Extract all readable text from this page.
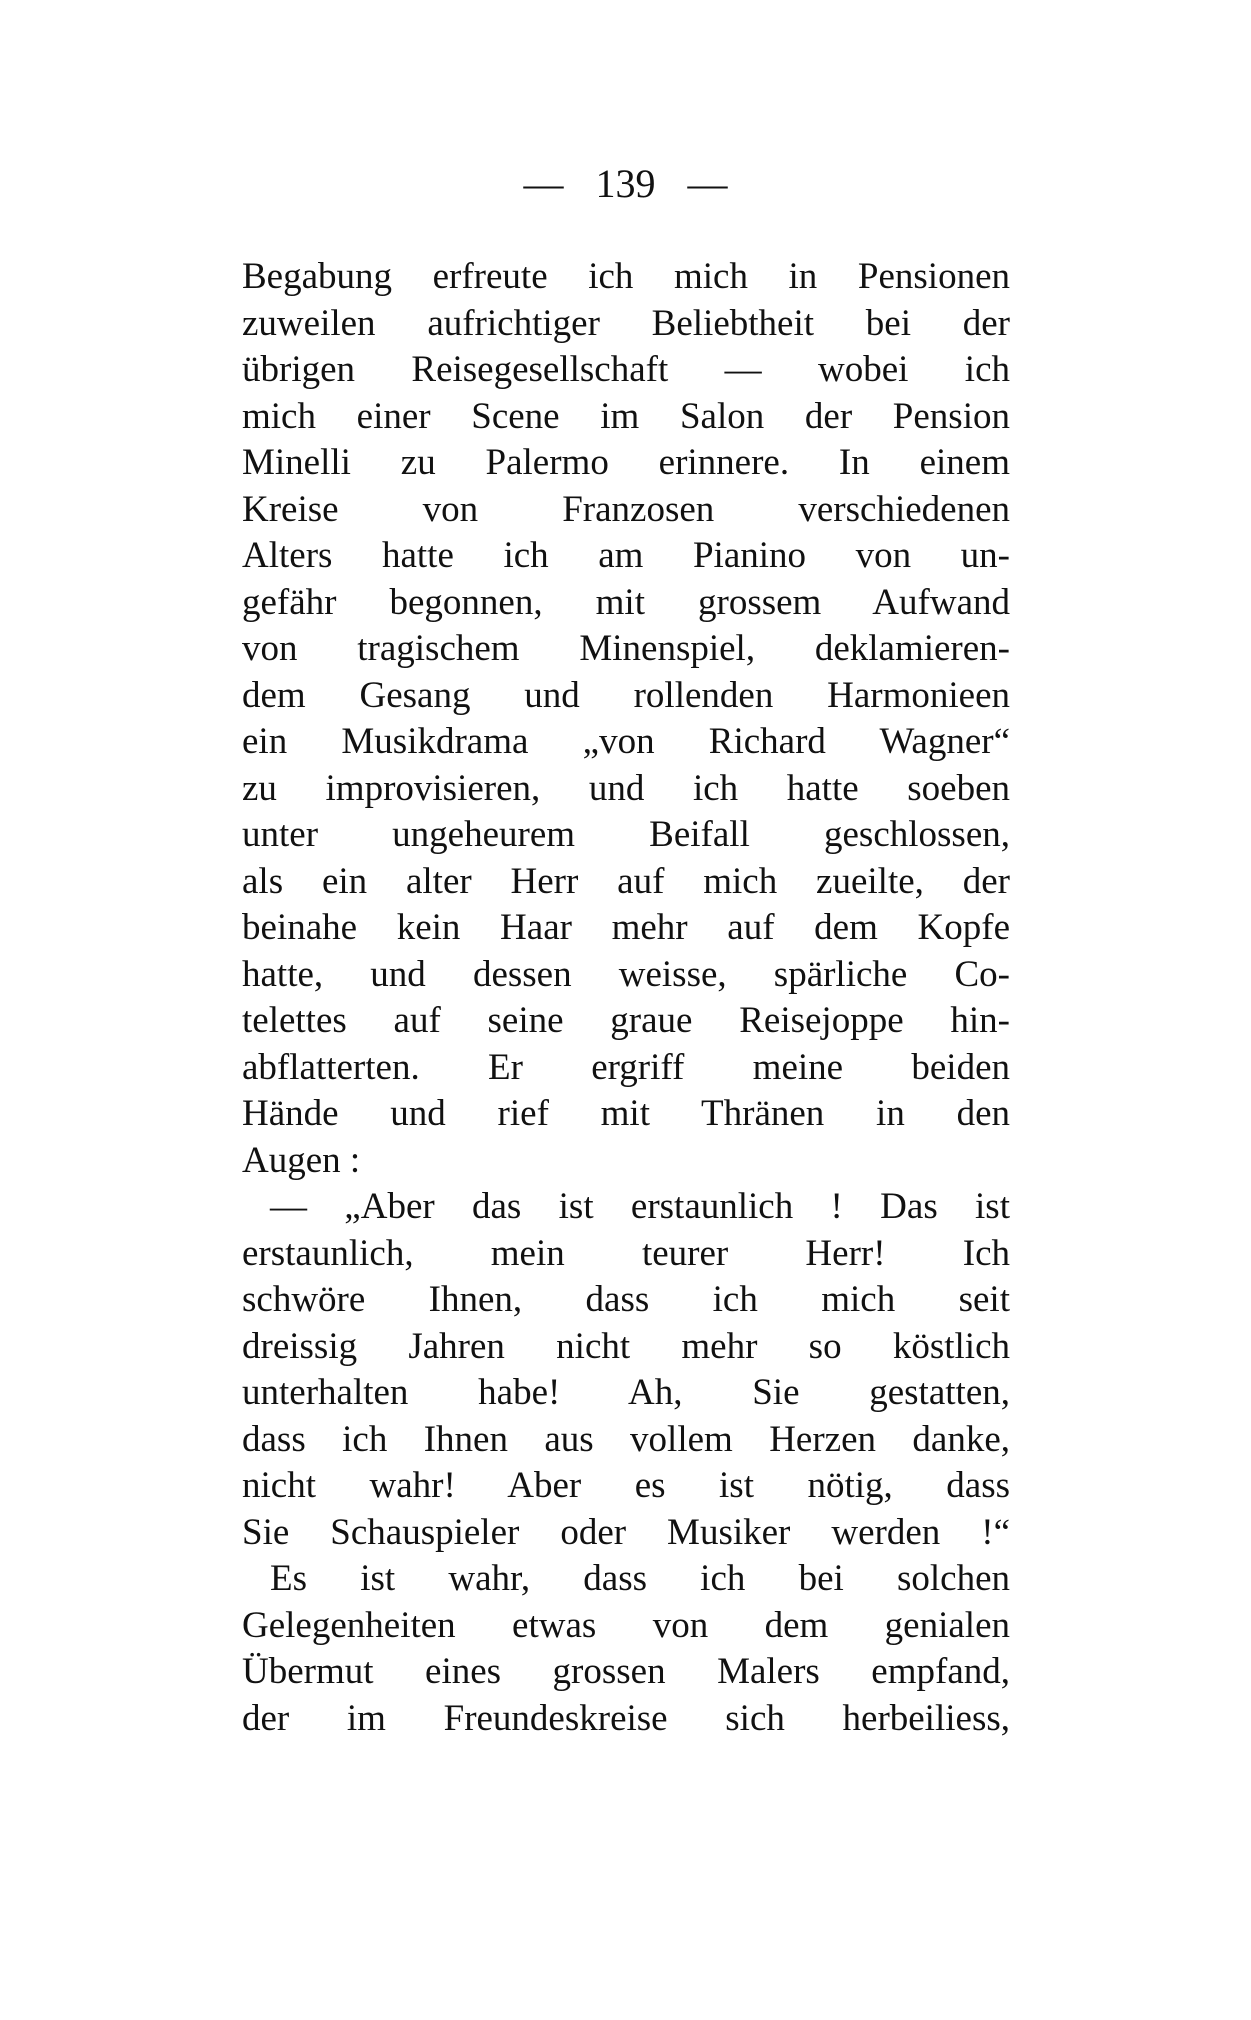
— 139 —
Begabung erfreute ich mich in Pensionen
zuweilen aufrichtiger Beliebtheit bei der
übrigen Reisegesellschaft — wobei ich
mich einer Scene im Salon der Pension
Minelli zu Palermo erinnere. In einem
Kreise von Franzosen verschiedenen
Alters hatte ich am Pianino von un-
gefähr begonnen, mit grossem Aufwand
von tragischem Minenspiel, deklamieren-
dem Gesang und rollenden Harmonieen
ein Musikdrama „von Richard Wagner“
zu improvisieren, und ich hatte soeben
unter ungeheurem Beifall geschlossen,
als ein alter Herr auf mich zueilte, der
beinahe kein Haar mehr auf dem Kopfe
hatte, und dessen weisse, spärliche Co-
telettes auf seine graue Reisejoppe hin-
abflatterten. Er ergriff meine beiden
Hände und rief mit Thränen in den
Augen :
— „Aber das ist erstaunlich ! Das ist
erstaunlich, mein teurer Herr! Ich
schwöre Ihnen, dass ich mich seit
dreissig Jahren nicht mehr so köstlich
unterhalten habe! Ah, Sie gestatten,
dass ich Ihnen aus vollem Herzen danke,
nicht wahr! Aber es ist nötig, dass
Sie Schauspieler oder Musiker werden !“
Es ist wahr, dass ich bei solchen
Gelegenheiten etwas von dem genialen
Übermut eines grossen Malers empfand,
der im Freundeskreise sich herbeiliess,
